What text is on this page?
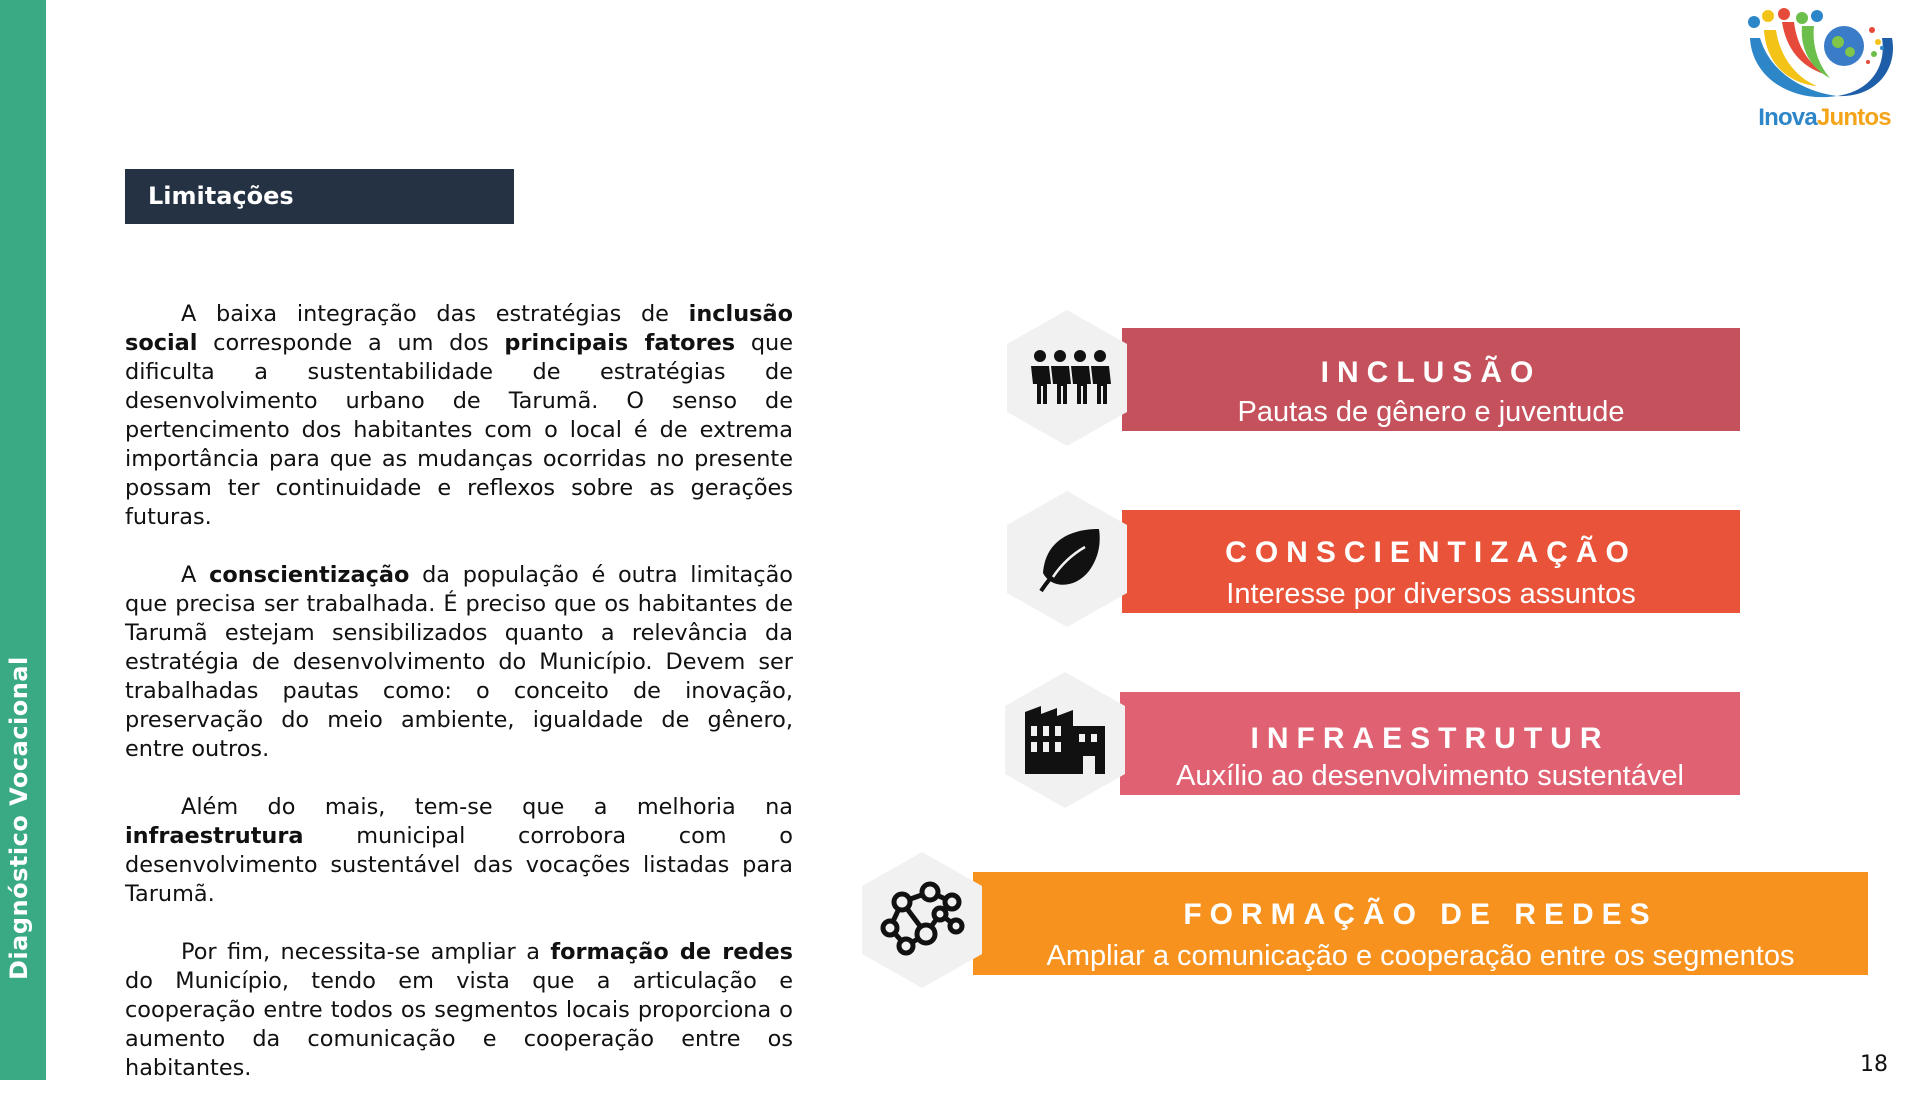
Diagnóstico Vocacional
InovaJuntos
Limitações

A baixa integração das estratégias de inclusão social corresponde a um dos principais fatores que dificulta a sustentabilidade de estratégias de desenvolvimento urbano de Tarumã. O senso de pertencimento dos habitantes com o local é de extrema importância para que as mudanças ocorridas no presente possam ter continuidade e reflexos sobre as gerações futuras.

A conscientização da população é outra limitação que precisa ser trabalhada. É preciso que os habitantes de Tarumã estejam sensibilizados quanto a relevância da estratégia de desenvolvimento do Município. Devem ser trabalhadas pautas como: o conceito de inovação, preservação do meio ambiente, igualdade de gênero, entre outros.

Além do mais, tem-se que a melhoria na infraestrutura municipal corrobora com o desenvolvimento sustentável das vocações listadas para Tarumã.

Por fim, necessita-se ampliar a formação de redes do Município, tendo em vista que a articulação e cooperação entre todos os segmentos locais proporciona o aumento da comunicação e cooperação entre os habitantes.

INCLUSÃO
Pautas de gênero e juventude
CONSCIENTIZAÇÃO
Interesse por diversos assuntos
INFRAESTRUTUR
Auxílio ao desenvolvimento sustentável
FORMAÇÃO DE REDES
Ampliar a comunicação e cooperação entre os segmentos
18
